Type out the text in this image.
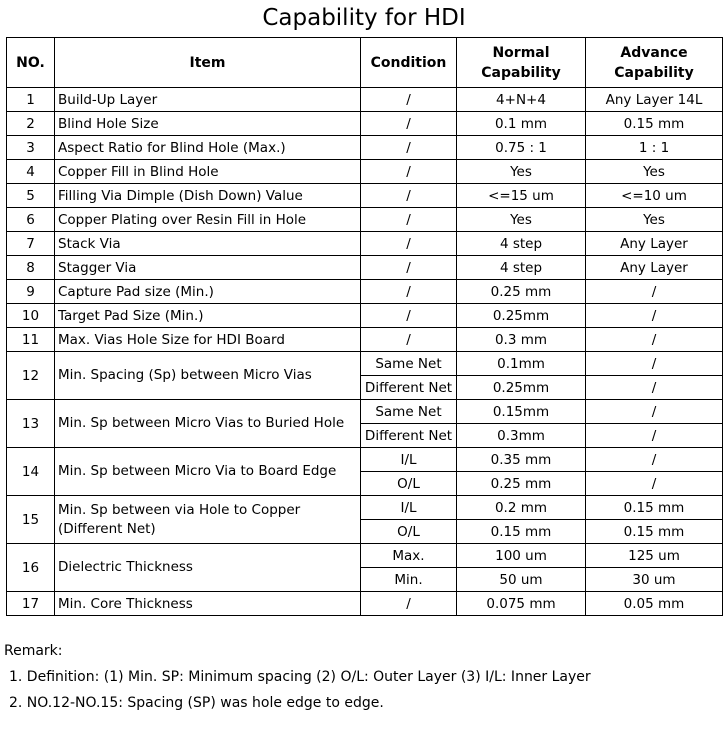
Capability for HDI
NO.	Item	Condition	Normal Capability	Advance Capability
1	Build-Up Layer	/	4+N+4	Any Layer 14L
2	Blind Hole Size	/	0.1 mm	0.15 mm
3	Aspect Ratio for Blind Hole (Max.)	/	0.75 : 1	1 : 1
4	Copper Fill in Blind Hole	/	Yes	Yes
5	Filling Via Dimple (Dish Down) Value	/	<=15 um	<=10 um
6	Copper Plating over Resin Fill in Hole	/	Yes	Yes
7	Stack Via	/	4 step	Any Layer
8	Stagger Via	/	4 step	Any Layer
9	Capture Pad size (Min.)	/	0.25 mm	/
10	Target Pad Size (Min.)	/	0.25mm	/
11	Max. Vias Hole Size for HDI Board	/	0.3 mm	/
12	Min. Spacing (Sp) between Micro Vias	Same Net	0.1mm	/
		Different Net	0.25mm	/
13	Min. Sp between Micro Vias to Buried Hole	Same Net	0.15mm	/
		Different Net	0.3mm	/
14	Min. Sp between Micro Via to Board Edge	I/L	0.35 mm	/
		O/L	0.25 mm	/
15	Min. Sp between via Hole to Copper (Different Net)	I/L	0.2 mm	0.15 mm
		O/L	0.15 mm	0.15 mm
16	Dielectric Thickness	Max.	100 um	125 um
		Min.	50 um	30 um
17	Min. Core Thickness	/	0.075 mm	0.05 mm
Remark:
1. Definition: (1) Min. SP: Minimum spacing (2) O/L: Outer Layer (3) I/L: Inner Layer
2. NO.12-NO.15: Spacing (SP) was hole edge to edge.
